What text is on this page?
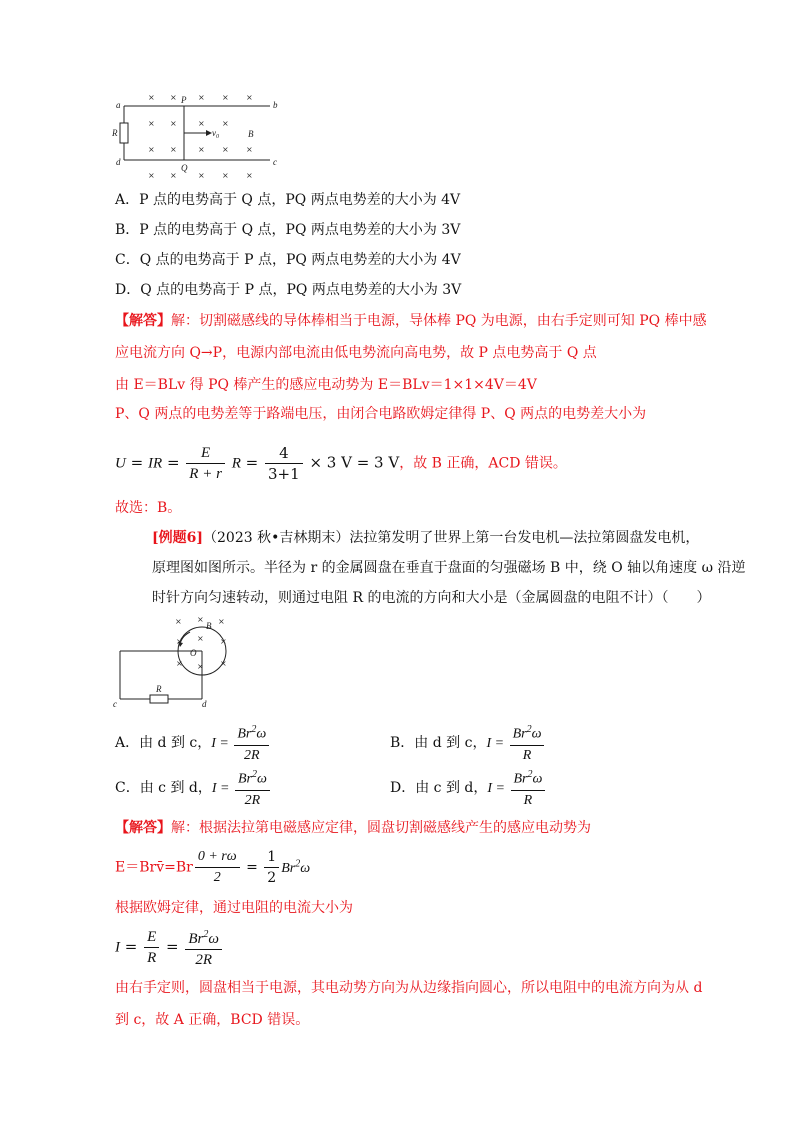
a	b
d	c
P
Q
R	B
$v_0$
× ×	× × ×
× ×	× ×
× ×	× × ×
× ×	× × ×
A．P 点的电势高于 Q 点，PQ 两点电势差的大小为 4V
B．P 点的电势高于 Q 点，PQ 两点电势差的大小为 3V
C．Q 点的电势高于 P 点，PQ 两点电势差的大小为 4V
D．Q 点的电势高于 P 点，PQ 两点电势差的大小为 3V
【解答】解：切割磁感线的导体棒相当于电源，导体棒 PQ 为电源，由右手定则可知 PQ 棒中感
应电流方向 Q→P，电源内部电流由低电势流向高电势，故 P 点电势高于 Q 点
由 E＝BLv 得 PQ 棒产生的感应电动势为 E＝BLv＝1×1×4V＝4V
P、Q 两点的电势差等于路端电压，由闭合电路欧姆定律得 P、Q 两点的电势差大小为
U = IR = $\frac{E}{R + r}$ $R = \frac{4}{3+1} \times 3$ V = 3 V，故 B 正确，ACD 错误。
故选：B。
[例题6]（2023 秋•吉林期末）法拉第发明了世界上第一台发电机—法拉第圆盘发电机，
原理图如图所示。半径为 r 的金属圆盘在垂直于盘面的匀强磁场 B 中，绕 O 轴以角速度 ω 沿逆
时针方向匀速转动，则通过电阻 R 的电流的方向和大小是（金属圆盘的电阻不计）（　　）
B
O
R
c	d
× × ×
× × ×
× × ×
A．由 d 到 c，$I = \frac{Br^2\omega}{2R}$	B．由 d 到 c，$I = \frac{Br^2\omega}{R}$
C．由 c 到 d，$I = \frac{Br^2\omega}{2R}$	D．由 c 到 d，$I = \frac{Br^2\omega}{R}$
【解答】解：根据法拉第电磁感应定律，圆盘切割磁感线产生的感应电动势为
E＝Brv̄=Br $\frac{0 + r\omega}{2} = \frac{1}{2} Br^2\omega$
根据欧姆定律，通过电阻的电流大小为
$I = \frac{E}{R} = \frac{Br^2\omega}{2R}$
由右手定则，圆盘相当于电源，其电动势方向为从边缘指向圆心，所以电阻中的电流方向为从 d
到 c，故 A 正确，BCD 错误。
